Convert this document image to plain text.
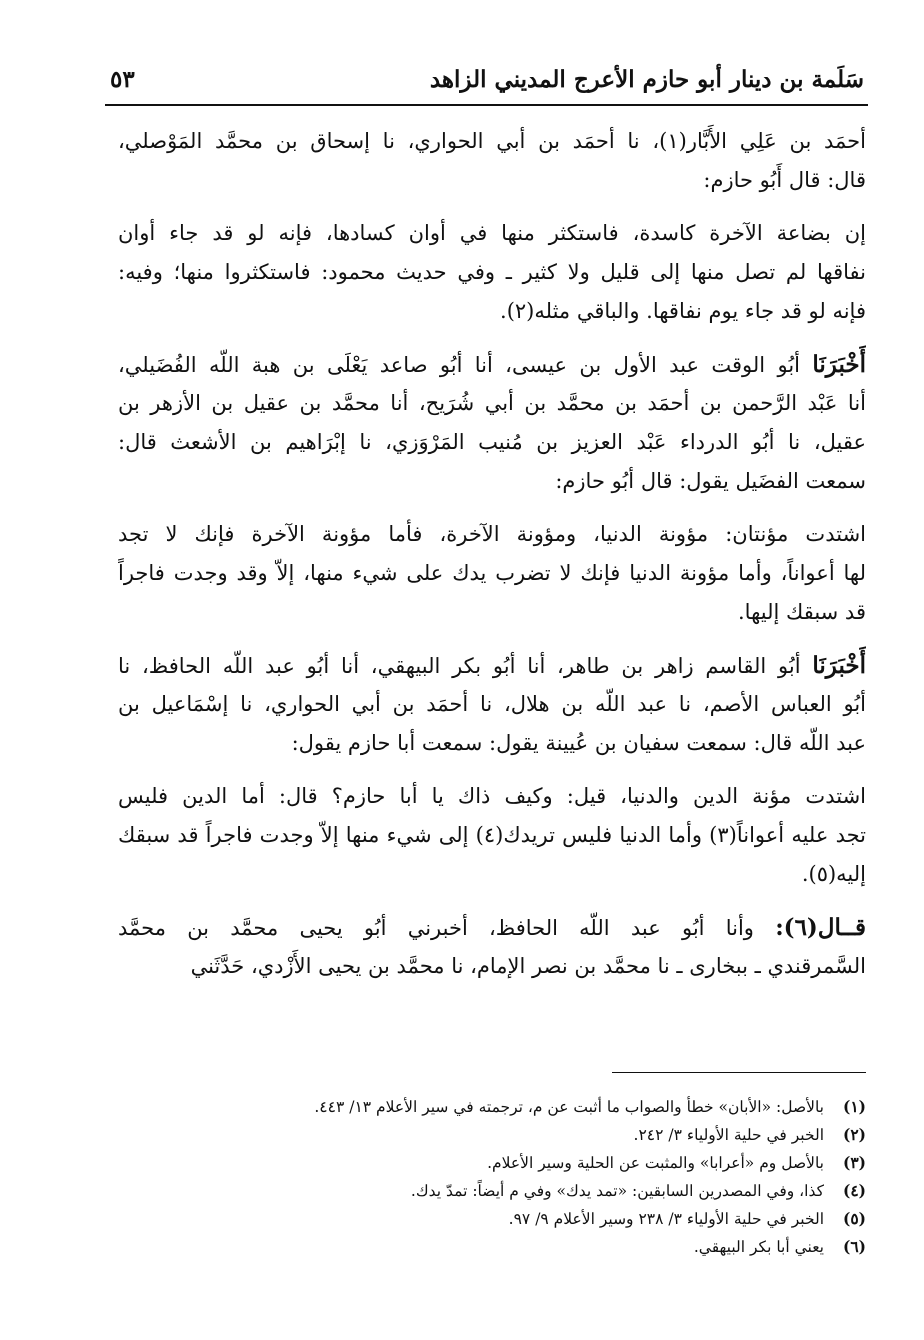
سَلَمة بن دينار أبو حازم الأعرج المديني الزاهد
٥٣
أحمَد بن عَلِي الأَبَّار(١)، نا أحمَد بن أبي الحواري، نا إسحاق بن محمَّد المَوْصلي،
قال: قال أَبُو حازم:
إن بضاعة الآخرة كاسدة، فاستكثر منها في أوان كسادها، فإنه لو قد جاء أوان
نفاقها لم تصل منها إلى قليل ولا كثير ـ وفي حديث محمود: فاستكثروا منها؛ وفيه:
فإنه لو قد جاء يوم نفاقها. والباقي مثله(٢).
أَخْبَرَنَا أبُو الوقت عبد الأول بن عيسى، أنا أبُو صاعد يَعْلَى بن هبة اللّه الفُضَيلي،
أنا عَبْد الرَّحمن بن أحمَد بن محمَّد بن أبي شُرَيح، أنا محمَّد بن عقيل بن الأزهر بن
عقيل، نا أبُو الدرداء عَبْد العزيز بن مُنيب المَرْوَزي، نا إبْرَاهيم بن الأشعث قال:
سمعت الفضَيل يقول: قال أبُو حازم:
اشتدت مؤنتان: مؤونة الدنيا، ومؤونة الآخرة، فأما مؤونة الآخرة فإنك لا تجد
لها أعواناً، وأما مؤونة الدنيا فإنك لا تضرب يدك على شيء منها، إلاّ وقد وجدت فاجراً
قد سبقك إليها.
أَخْبَرَنَا أبُو القاسم زاهر بن طاهر، أنا أبُو بكر البيهقي، أنا أبُو عبد اللّه الحافظ، نا
أبُو العباس الأصم، نا عبد اللّه بن هلال، نا أحمَد بن أبي الحواري، نا إسْمَاعيل بن
عبد اللّه قال: سمعت سفيان بن عُيينة يقول: سمعت أبا حازم يقول:
اشتدت مؤنة الدين والدنيا، قيل: وكيف ذاك يا أبا حازم؟ قال: أما الدين فليس
تجد عليه أعواناً(٣) وأما الدنيا فليس تريدك(٤) إلى شيء منها إلاّ وجدت فاجراً قد سبقك
إليه(٥).
قــال(٦): وأنا أبُو عبد اللّه الحافظ، أخبرني أبُو يحيى محمَّد بن محمَّد
السَّمرقندي ـ ببخارى ـ نا محمَّد بن نصر الإمام، نا محمَّد بن يحيى الأَزْدي، حَدَّثَني
(١)بالأصل: «الأبان» خطأ والصواب ما أثبت عن م، ترجمته في سير الأعلام ١٣/ ٤٤٣.
(٢)الخبر في حلية الأولياء ٣/ ٢٤٢.
(٣)بالأصل وم «أعرابا» والمثبت عن الحلية وسير الأعلام.
(٤)كذا، وفي المصدرين السابقين: «تمد يدك» وفي م أيضاً: تمدّ يدك.
(٥)الخبر في حلية الأولياء ٣/ ٢٣٨ وسير الأعلام ٩/ ٩٧.
(٦)يعني أبا بكر البيهقي.
